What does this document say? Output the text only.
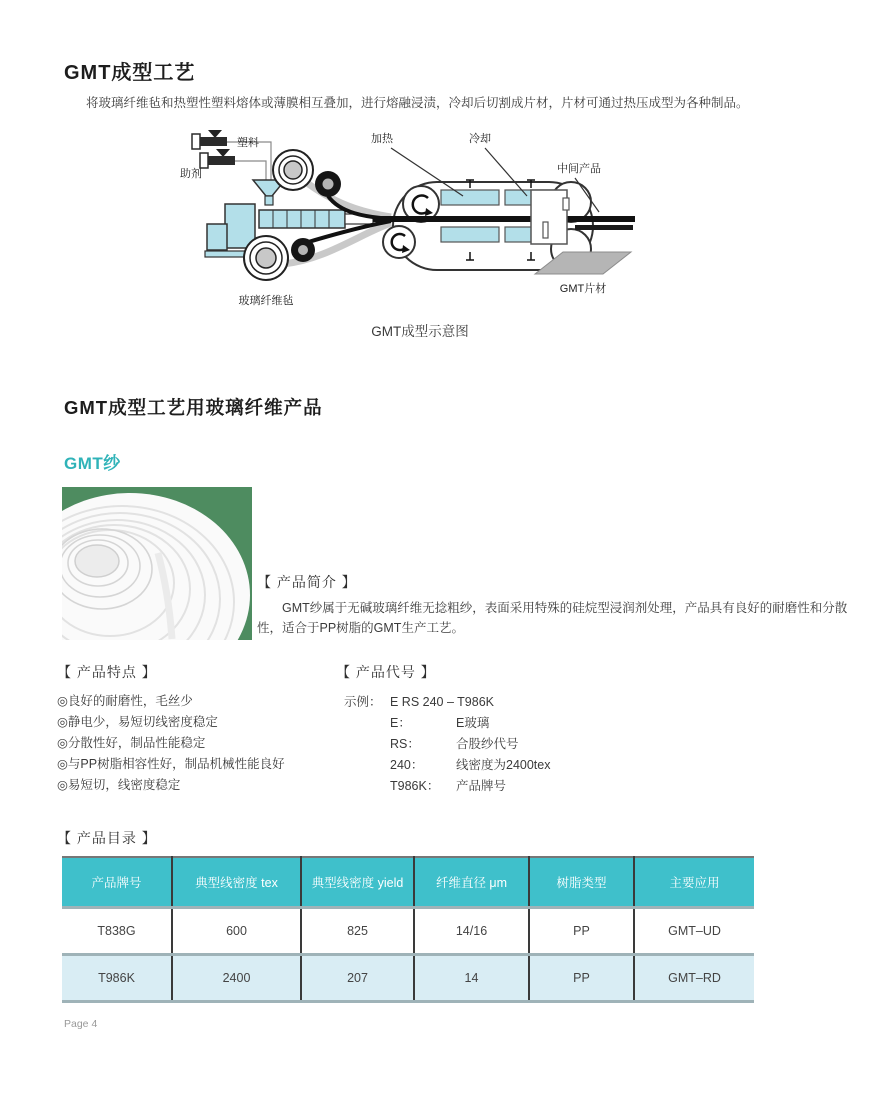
GMT成型工艺
将玻璃纤维毡和热塑性塑料熔体或薄膜相互叠加，进行熔融浸渍，冷却后切割成片材，片材可通过热压成型为各种制品。
塑料
助剂
加热	冷却
中间产品
玻璃纤维毡
GMT片材
GMT成型示意图
GMT成型工艺用玻璃纤维产品
GMT纱
【 产品简介 】
GMT纱属于无碱玻璃纤维无捻粗纱，表面采用特殊的硅烷型浸润剂处理，产品具有良好的耐磨性和分散性，适合于PP树脂的GMT生产工艺。
【 产品特点 】
◎良好的耐磨性，毛丝少
◎静电少，易短切线密度稳定
◎分散性好，制品性能稳定
◎与PP树脂相容性好，制品机械性能良好
◎易短切，线密度稳定
【 产品代号 】
示例： E RS 240 – T986K
E：	E玻璃
RS：	合股纱代号
240：	线密度为2400tex
T986K：	产品牌号
【 产品目录 】
产品牌号	典型线密度 tex	典型线密度 yield	纤维直径 μm	树脂类型	主要应用
T838G	600	825	14/16	PP	GMT–UD
T986K	2400	207	14	PP	GMT–RD
Page 4
